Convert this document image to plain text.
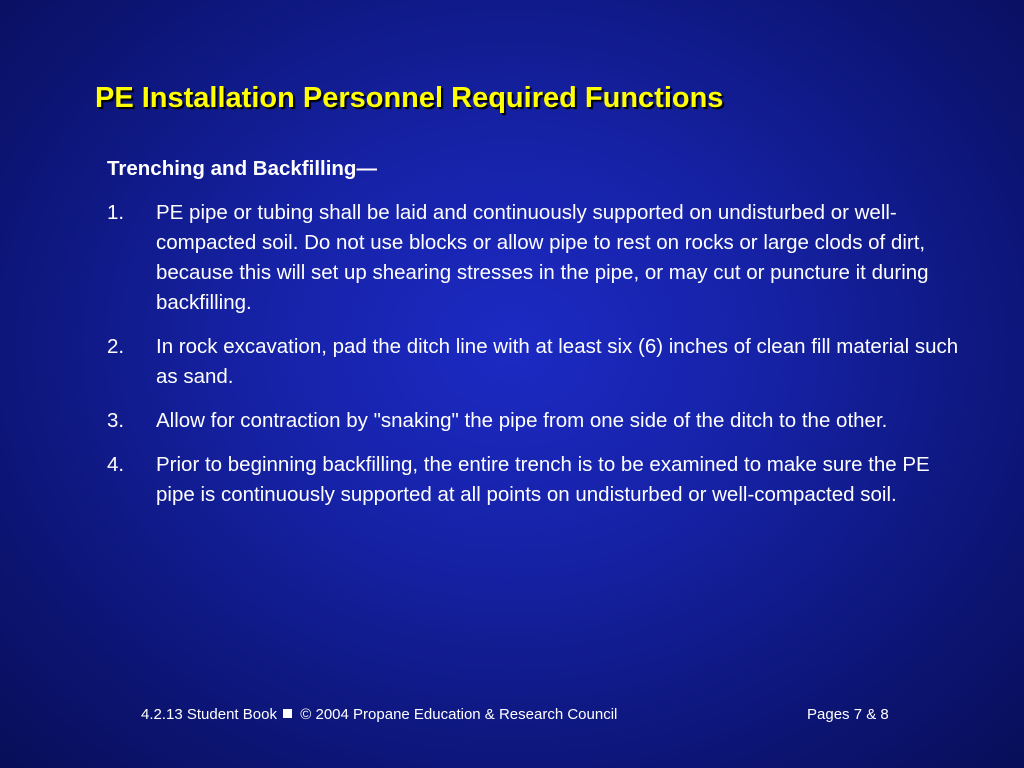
PE Installation Personnel Required Functions
Trenching and Backfilling—
1.	PE pipe or tubing shall be laid and continuously supported on undisturbed or well-compacted soil. Do not use blocks or allow pipe to rest on rocks or large clods of dirt, because this will set up shearing stresses in the pipe, or may cut or puncture it during backfilling.
2.	In rock excavation, pad the ditch line with at least six (6) inches of clean fill material such as sand.
3.	Allow for contraction by "snaking" the pipe from one side of the ditch to the other.
4.	Prior to beginning backfilling, the entire trench is to be examined to make sure the PE pipe is continuously supported at all points on undisturbed or well-compacted soil.
4.2.13 Student Book © 2004 Propane Education & Research Council	Pages 7 & 8
